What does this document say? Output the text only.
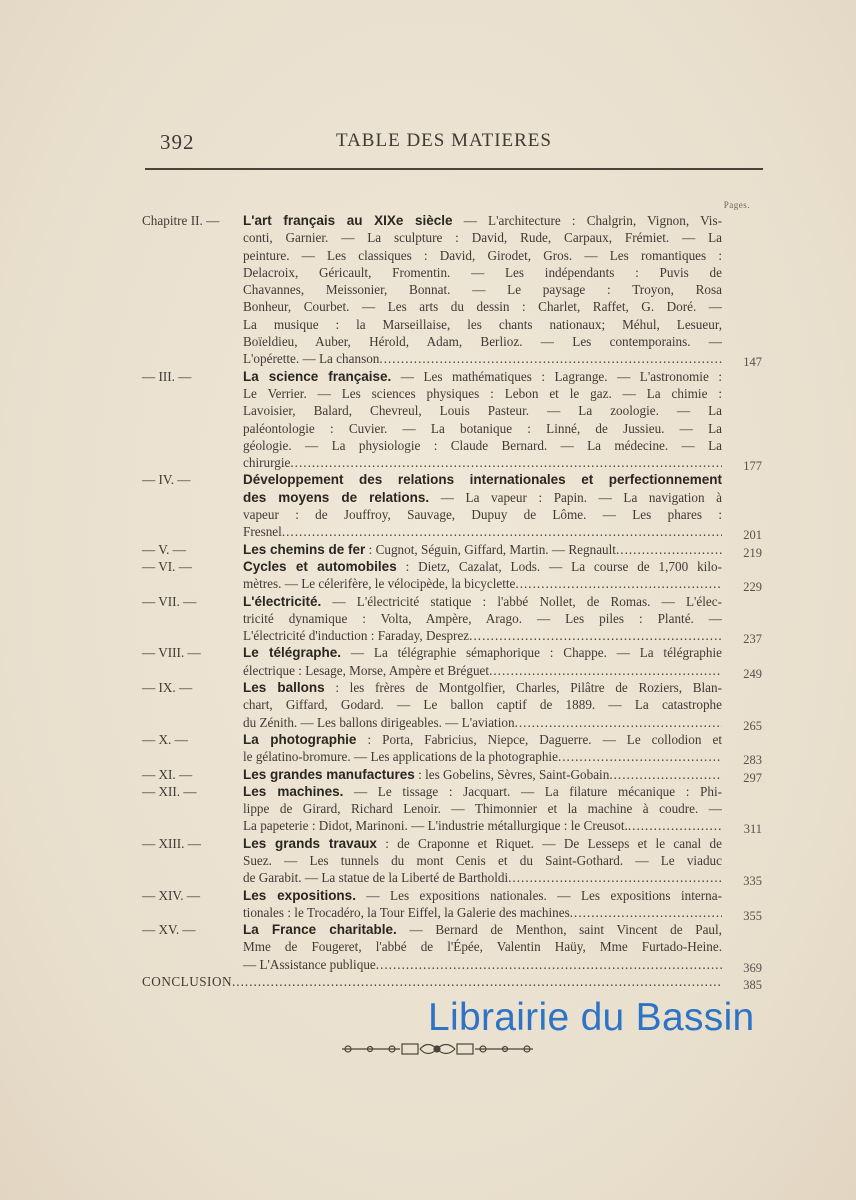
392	TABLE DES MATIERES
Pages.
Chapitre II. — L'art français au XIXe siècle — L'architecture : Chalgrin, Vignon, Vis-
conti, Garnier. — La sculpture : David, Rude, Carpaux, Frémiet. — La
peinture. — Les classiques : David, Girodet, Gros. — Les romantiques :
Delacroix, Géricault, Fromentin. — Les indépendants : Puvis de
Chavannes, Meissonier, Bonnat. — Le paysage : Troyon, Rosa
Bonheur, Courbet. — Les arts du dessin : Charlet, Raffet, G. Doré. —
La musique : la Marseillaise, les chants nationaux; Méhul, Lesueur,
Boïeldieu, Auber, Hérold, Adam, Berlioz. — Les contemporains. —
L'opérette. — La chanson .....	147
— III. —	La science française. — Les mathématiques : Lagrange. — L'astronomie :
Le Verrier. — Les sciences physiques : Lebon et le gaz. — La chimie :
Lavoisier, Balard, Chevreul, Louis Pasteur. — La zoologie. — La
paléontologie : Cuvier. — La botanique : Linné, de Jussieu. — La
géologie. — La physiologie : Claude Bernard. — La médecine. — La
chirurgie .....	177
— IV. —	Développement des relations internationales et perfectionnement
des moyens de relations. — La vapeur : Papin. — La navigation à
vapeur : de Jouffroy, Sauvage, Dupuy de Lôme. — Les phares :
Fresnel .....	201
— V. —	Les chemins de fer : Cugnot, Séguin, Giffard, Martin. — Regnault .....	219
— VI. —	Cycles et automobiles : Dietz, Cazalat, Lods. — La course de 1,700 kilo-
mètres. — Le célerifère, le vélocipède, la bicyclette .....	229
— VII. —	L'électricité. — L'électricité statique : l'abbé Nollet, de Romas. — L'élec-
tricité dynamique : Volta, Ampère, Arago. — Les piles : Planté. —
L'électricité d'induction : Faraday, Desprez .....	237
— VIII. —	Le télégraphe. — La télégraphie sémaphorique : Chappe. — La télégraphie
électrique : Lesage, Morse, Ampère et Bréguet .....	249
— IX. —	Les ballons : les frères de Montgolfier, Charles, Pilâtre de Roziers, Blan-
chart, Giffard, Godard. — Le ballon captif de 1889. — La catastrophe
du Zénith. — Les ballons dirigeables. — L'aviation .....	265
— X. —	La photographie : Porta, Fabricius, Niepce, Daguerre. — Le collodion et
le gélatino-bromure. — Les applications de la photographie .....	283
— XI. —	Les grandes manufactures : les Gobelins, Sèvres, Saint-Gobain .....	297
— XII. —	Les machines. — Le tissage : Jacquart. — La filature mécanique : Phi-
lippe de Girard, Richard Lenoir. — Thimonnier et la machine à coudre. —
La papeterie : Didot, Marinoni. — L'industrie métallurgique : le Creusot. .....	311
— XIII. —	Les grands travaux : de Craponne et Riquet. — De Lesseps et le canal de
Suez. — Les tunnels du mont Cenis et du Saint-Gothard. — Le viaduc
de Garabit. — La statue de la Liberté de Bartholdi .....	335
— XIV. —	Les expositions. — Les expositions nationales. — Les expositions interna-
tionales : le Trocadéro, la Tour Eiffel, la Galerie des machines .....	355
— XV. —	La France charitable. — Bernard de Menthon, saint Vincent de Paul,
Mme de Fougeret, l'abbé de l'Épée, Valentin Haüy, Mme Furtado-Heine.
— L'Assistance publique .....	369
CONCLUSION .....	385
Librairie du Bassin
